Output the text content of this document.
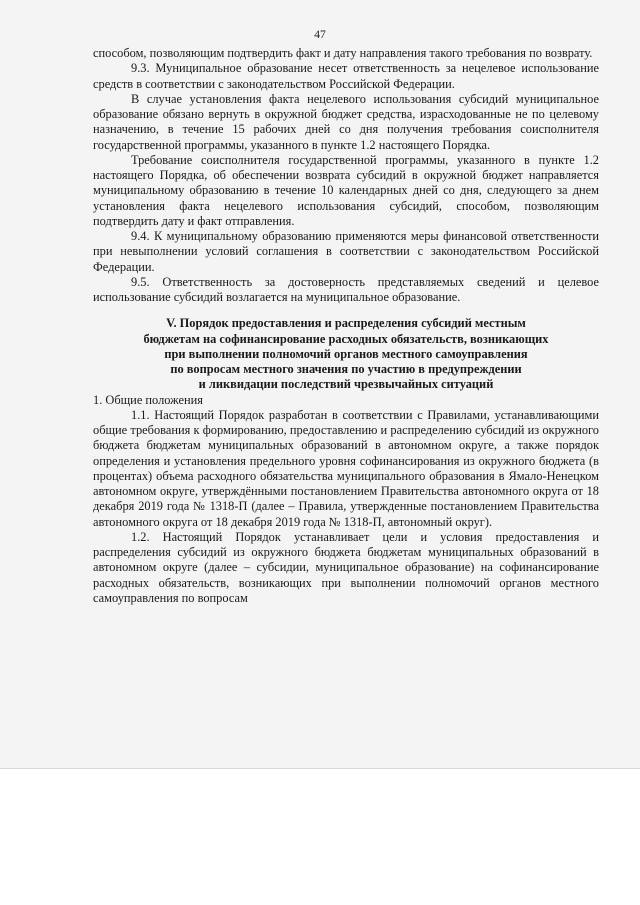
47

способом, позволяющим подтвердить факт и дату направления такого требования по возврату.

9.3. Муниципальное образование несет ответственность за нецелевое использование средств в соответствии с законодательством Российской Федерации.

В случае установления факта нецелевого использования субсидий муниципальное образование обязано вернуть в окружной бюджет средства, израсходованные не по целевому назначению, в течение 15 рабочих дней со дня получения требования соисполнителя государственной программы, указанного в пункте 1.2 настоящего Порядка.

Требование соисполнителя государственной программы, указанного в пункте 1.2 настоящего Порядка, об обеспечении возврата субсидий в окружной бюджет направляется муниципальному образованию в течение 10 календарных дней со дня, следующего за днем установления факта нецелевого использования субсидий, способом, позволяющим подтвердить дату и факт отправления.

9.4. К муниципальному образованию применяются меры финансовой ответственности при невыполнении условий соглашения в соответствии с законодательством Российской Федерации.

9.5. Ответственность за достоверность представляемых сведений и целевое использование субсидий возлагается на муниципальное образование.

V. Порядок предоставления и распределения субсидий местным
бюджетам на софинансирование расходных обязательств, возникающих
при выполнении полномочий органов местного самоуправления
по вопросам местного значения по участию в предупреждении
и ликвидации последствий чрезвычайных ситуаций

1. Общие положения

1.1. Настоящий Порядок разработан в соответствии с Правилами, устанавливающими общие требования к формированию, предоставлению и распределению субсидий из окружного бюджета бюджетам муниципальных образований в автономном округе, а также порядок определения и установления предельного уровня софинансирования из окружного бюджета (в процентах) объема расходного обязательства муниципального образования в Ямало-Ненецком автономном округе, утверждёнными постановлением Правительства автономного округа от 18 декабря 2019 года № 1318-П (далее – Правила, утвержденные постановлением Правительства автономного округа от 18 декабря 2019 года № 1318-П, автономный округ).

1.2. Настоящий Порядок устанавливает цели и условия предоставления и распределения субсидий из окружного бюджета бюджетам муниципальных образований в автономном округе (далее – субсидии, муниципальное образование) на софинансирование расходных обязательств, возникающих при выполнении полномочий органов местного самоуправления по вопросам
